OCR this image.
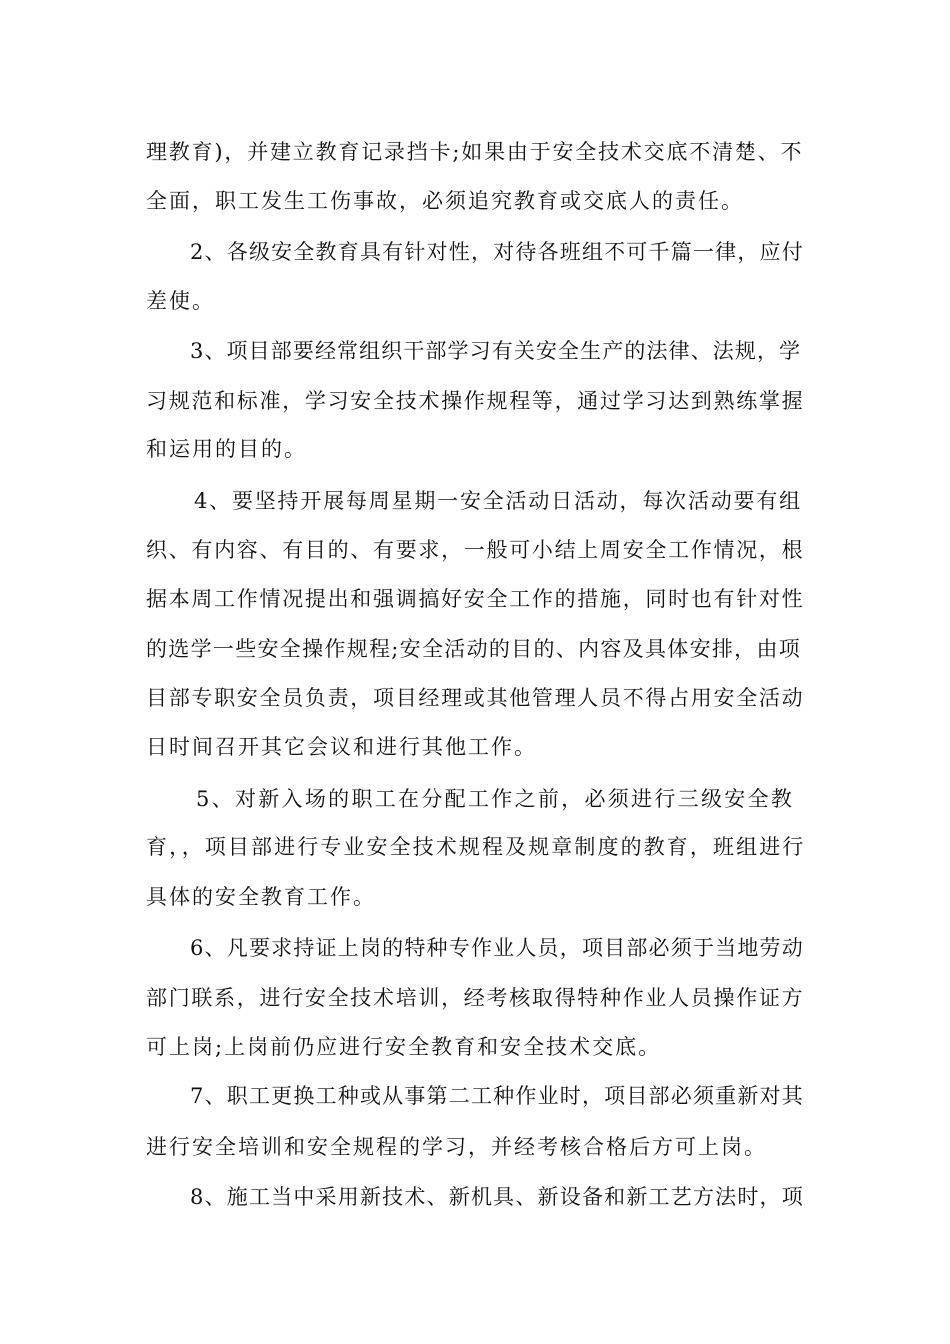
理教育)，并建立教育记录挡卡;如果由于安全技术交底不清楚、不
全面，职工发生工伤事故，必须追究教育或交底人的责任。
2、各级安全教育具有针对性，对待各班组不可千篇一律，应付
差使。
3、项目部要经常组织干部学习有关安全生产的法律、法规，学
习规范和标准，学习安全技术操作规程等，通过学习达到熟练掌握
和运用的目的。
4、要坚持开展每周星期一安全活动日活动，每次活动要有组
织、有内容、有目的、有要求，一般可小结上周安全工作情况，根
据本周工作情况提出和强调搞好安全工作的措施，同时也有针对性
的选学一些安全操作规程;安全活动的目的、内容及具体安排，由项
目部专职安全员负责，项目经理或其他管理人员不得占用安全活动
日时间召开其它会议和进行其他工作。
5、对新入场的职工在分配工作之前，必须进行三级安全教
育，，项目部进行专业安全技术规程及规章制度的教育，班组进行
具体的安全教育工作。
6、凡要求持证上岗的特种专作业人员，项目部必须于当地劳动
部门联系，进行安全技术培训，经考核取得特种作业人员操作证方
可上岗;上岗前仍应进行安全教育和安全技术交底。
7、职工更换工种或从事第二工种作业时，项目部必须重新对其
进行安全培训和安全规程的学习，并经考核合格后方可上岗。
8、施工当中采用新技术、新机具、新设备和新工艺方法时，项
